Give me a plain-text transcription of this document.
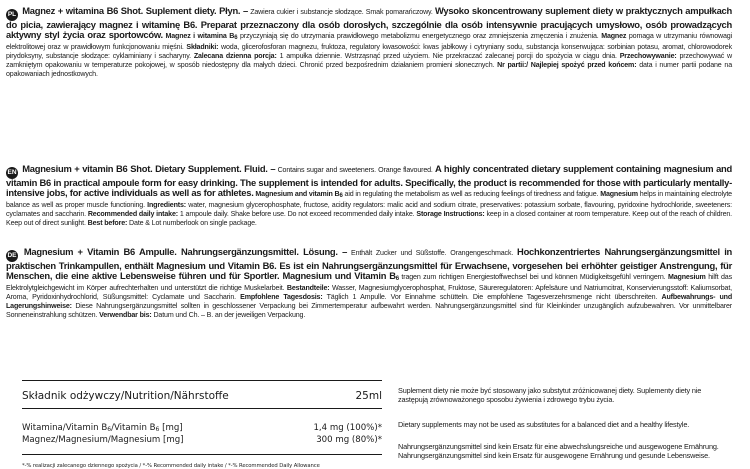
PL Magnez + witamina B6 Shot. Suplement diety. Płyn. – Zawiera cukier i substancje słodzące. Smak pomarańczowy. Wysoko skoncentrowany suplement diety w praktycznych ampułkach do picia, zawierający magnez i witaminę B6. Preparat przeznaczony dla osób dorosłych, szczególnie dla osób intensywnie pracujących umysłowo, osób prowadzących aktywny styl życia oraz sportowców. Magnez i witamina B6 przyczyniają się do utrzymania prawidłowego metabolizmu energetycznego oraz zmniejszenia zmęczenia i znużenia. Magnez pomaga w utrzymaniu równowagi elektrolitowej oraz w prawidłowym funkcjonowaniu mięśni. Składniki: woda, glicerofosforan magnezu, fruktoza, regulatory kwasowości: kwas jabłkowy i cytryniany sodu, substancja konserwująca: sorbinian potasu, aromat, chlorowodorek pirydoksyny, substancje słodzące: cyklaminiany i sacharyny. Zalecana dzienna porcja: 1 ampułka dziennie. Wstrząsnąć przed użyciem. Nie przekraczać zalecanej porcji do spożycia w ciągu dnia. Przechowywanie: przechowywać w zamkniętym opakowaniu w temperaturze pokojowej, w sposób niedostępny dla małych dzieci. Chronić przed bezpośrednim działaniem promieni słonecznych. Nr partii:/ Najlepiej spożyć przed końcem: data i numer partii podane na opakowaniach jednostkowych.
EN Magnesium + vitamin B6 Shot. Dietary Supplement. Fluid. – Contains sugar and sweeteners. Orange flavoured. A highly concentrated dietary supplement containing magnesium and vitamin B6 in practical ampoule form for easy drinking. The supplement is intended for adults. Specifically, the product is recommended for those with particularly mentally-intensive jobs, for active individuals as well as for athletes. Magnesium and vitamin B6 aid in regulating the metabolism as well as reducing feelings of tiredness and fatigue. Magnesium helps in maintaining electrolyte balance as well as proper muscle functioning. Ingredients: water, magnesium glycerophosphate, fructose, acidity regulators: malic acid and sodium citrate, preservatives: potassium sorbate, flavouring, pyridoxine hydrochloride, sweeteners: cyclamates and saccharin. Recommended daily intake: 1 ampoule daily. Shake before use. Do not exceed recommended daily intake. Storage Instructions: keep in a closed container at room temperature. Keep out of the reach of children. Keep out of direct sunlight. Best before: Date & Lot numberlook on single package.
DE Magnesium + Vitamin B6 Ampulle. Nahrungsergänzungsmittel. Lösung. – Enthält Zucker und Süßstoffe. Orangengeschmack. Hochkonzentriertes Nahrungsergänzungsmittel in praktischen Trinkampullen, enthält Magnesium und Vitamin B6. Es ist ein Nahrungsergänzungsmittel für Erwachsene, vorgesehen bei erhöhter geistiger Anstrengung, für Menschen, die eine aktive Lebensweise führen und für Sportler. Magnesium und Vitamin B6 tragen zum richtigen Energiestoffwechsel bei und können Müdigkeitsgefühl verringern. Magnesium hilft das Elektrolytgleichgewicht im Körper aufrechterhalten und unterstützt die richtige Muskelarbeit. Bestandteile: Wasser, Magnesiumglycerophosphat, Fruktose, Säureregulatoren: Apfelsäure und Natriumcitrat, Konservierungsstoff: Kaliumsorbat, Aroma, Pyridoxinhydrochlorid, Süßungsmittel: Cyclamate und Saccharin. Empfohlene Tagesdosis: Täglich 1 Ampulle. Vor Einnahme schütteln. Die empfohlene Tagesverzehrsmenge nicht überschreiten. Aufbewahrungs- und Lagerungshinweise: Diese Nahrungsergänzungsmittel sollten in geschlossener Verpackung bei Zimmertemperatur aufbewahrt werden. Nahrungsergänzungsmittel sind für Kleinkinder unzugänglich aufzubewahren. Vor unmittelbarer Sonneneinstrahlung schützen. Verwendbar bis: Datum und Ch. – B. an der jeweiligen Verpackung.
Składnik odżywczy/Nutrition/Nährstoffe	25ml
Witamina/Vitamin B6/Vitamin B6 [mg]	1,4 mg (100%)*
Magnez/Magnesium/Magnesium [mg]	300 mg (80%)*
*-% realizacji zalecanego dziennego spożycia / *-% Recommended daily intake / *-% Recommended Daily Allowance
Suplement diety nie może być stosowany jako substytut zróżnicowanej diety. Suplementy diety nie zastępują zrównoważonego sposobu żywienia i zdrowego trybu życia.
Dietary supplements may not be used as substitutes for a balanced diet and a healthy lifestyle.
Nahrungsergänzungsmittel sind kein Ersatz für eine abwechslungsreiche und ausgewogene Ernährung. Nahrungsergänzungsmittel sind kein Ersatz für ausgewogene Ernährung und gesunde Lebensweise.
